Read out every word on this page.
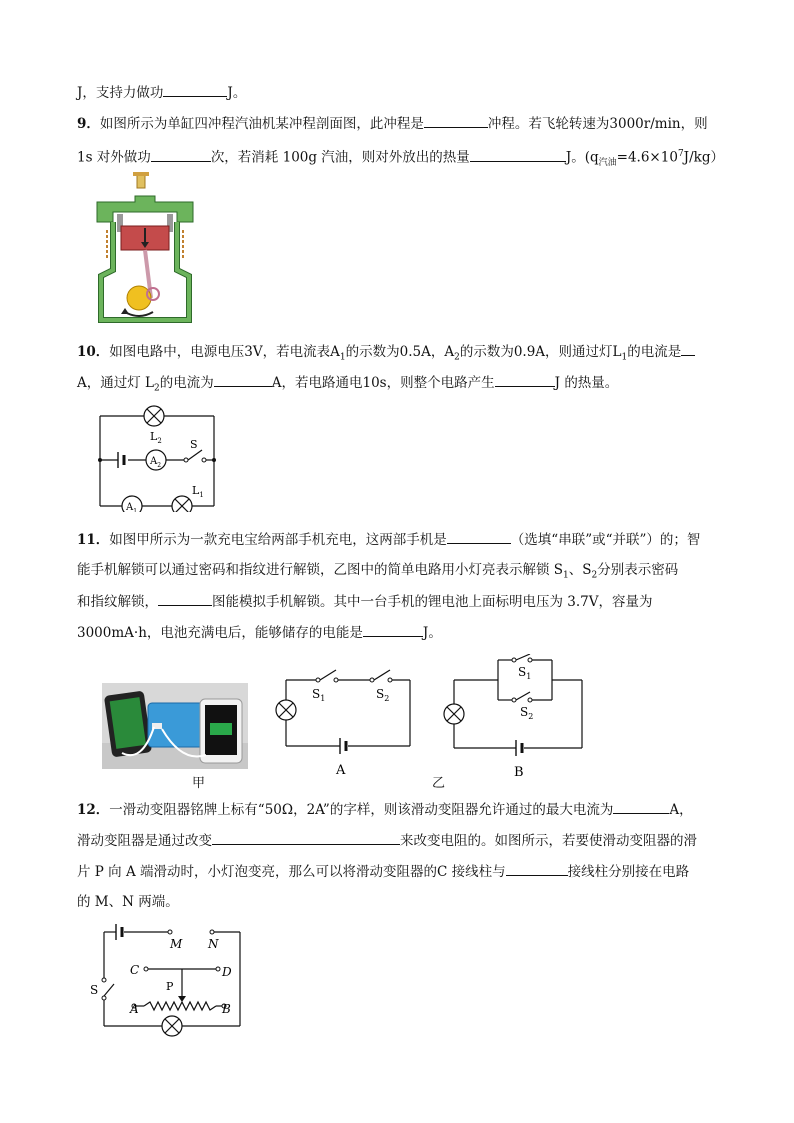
J，支持力做功	J。
9．如图所示为单缸四冲程汽油机某冲程剖面图，此冲程是	冲程。若飞轮转速为3000r/min，则
1s 对外做功	次，若消耗 100g 汽油，则对外放出的热量	J。$(q_{汽油}=4.6\times 10^7J/kg)$
10．如图电路中，电源电压3V，若电流表$A_1$的示数为0.5A，$A_2$的示数为0.9A，则通过灯$L_1$的电流是
A，通过灯 $L_2$的电流为	A，若电路通电10s，则整个电路产生	J 的热量。
$L_2$
$A_2$
S
$A_1$
$L_1$
11．如图甲所示为一款充电宝给两部手机充电，这两部手机是	（选填“串联”或“并联”）的；智
能手机解锁可以通过密码和指纹进行解锁，乙图中的简单电路用小灯亮表示解锁 $S_1$、$S_2$分别表示密码
和指纹解锁，	图能模拟手机解锁。其中一台手机的锂电池上面标明电压为 3.7V，容量为
3000mA·h，电池充满电后，能够储存的电能是	J。
甲
$S_1$	$S_2$
A
$S_1$
$S_2$
B
乙
12．一滑动变阻器铭牌上标有“50Ω，2A”的字样，则该滑动变阻器允许通过的最大电流为	A，
滑动变阻器是通过改变	来改变电阻的。如图所示，若要使滑动变阻器的滑
片 P 向 A 端滑动时，小灯泡变亮，那么可以将滑动变阻器的C 接线柱与	接线柱分别接在电路
的 M、N 两端。
M N
C	D
P
A	B
S
